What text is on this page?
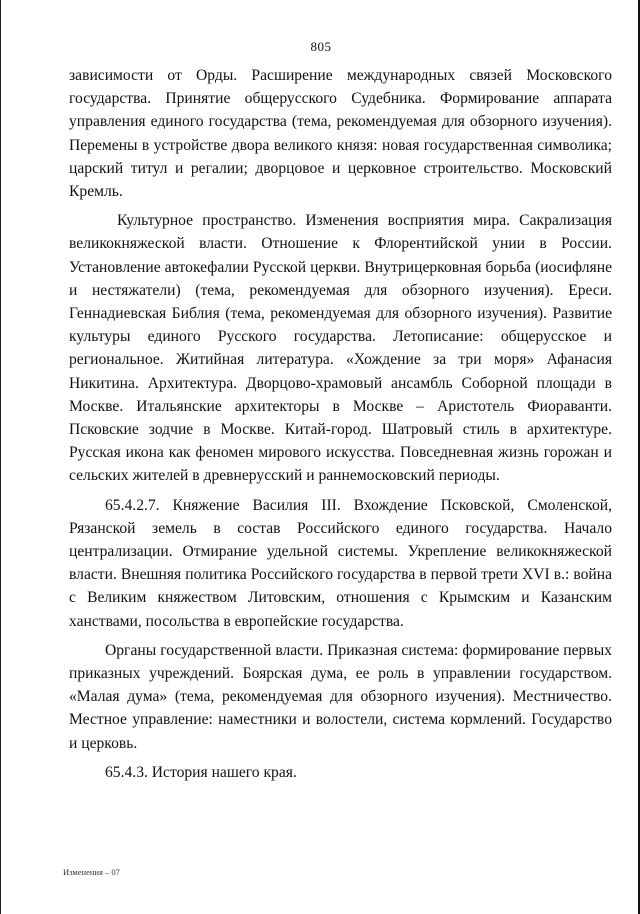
805

зависимости от Орды. Расширение международных связей Московского государства. Принятие общерусского Судебника. Формирование аппарата управления единого государства (тема, рекомендуемая для обзорного изучения). Перемены в устройстве двора великого князя: новая государственная символика; царский титул и регалии; дворцовое и церковное строительство. Московский Кремль.

Культурное пространство. Изменения восприятия мира. Сакрализация великокняжеской власти. Отношение к Флорентийской унии в России. Установление автокефалии Русской церкви. Внутрицерковная борьба (иосифляне и нестяжатели) (тема, рекомендуемая для обзорного изучения). Ереси. Геннадиевская Библия (тема, рекомендуемая для обзорного изучения). Развитие культуры единого Русского государства. Летописание: общерусское и региональное. Житийная литература. «Хождение за три моря» Афанасия Никитина. Архитектура. Дворцово-храмовый ансамбль Соборной площади в Москве. Итальянские архитекторы в Москве – Аристотель Фиораванти. Псковские зодчие в Москве. Китай-город. Шатровый стиль в архитектуре. Русская икона как феномен мирового искусства. Повседневная жизнь горожан и сельских жителей в древнерусский и раннемосковский периоды.

65.4.2.7. Княжение Василия III. Вхождение Псковской, Смоленской, Рязанской земель в состав Российского единого государства. Начало централизации. Отмирание удельной системы. Укрепление великокняжеской власти. Внешняя политика Российского государства в первой трети XVI в.: война с Великим княжеством Литовским, отношения с Крымским и Казанским ханствами, посольства в европейские государства.

Органы государственной власти. Приказная система: формирование первых приказных учреждений. Боярская дума, ее роль в управлении государством. «Малая дума» (тема, рекомендуемая для обзорного изучения). Местничество. Местное управление: наместники и волостели, система кормлений. Государство и церковь.

65.4.3. История нашего края.

Изменения – 07
